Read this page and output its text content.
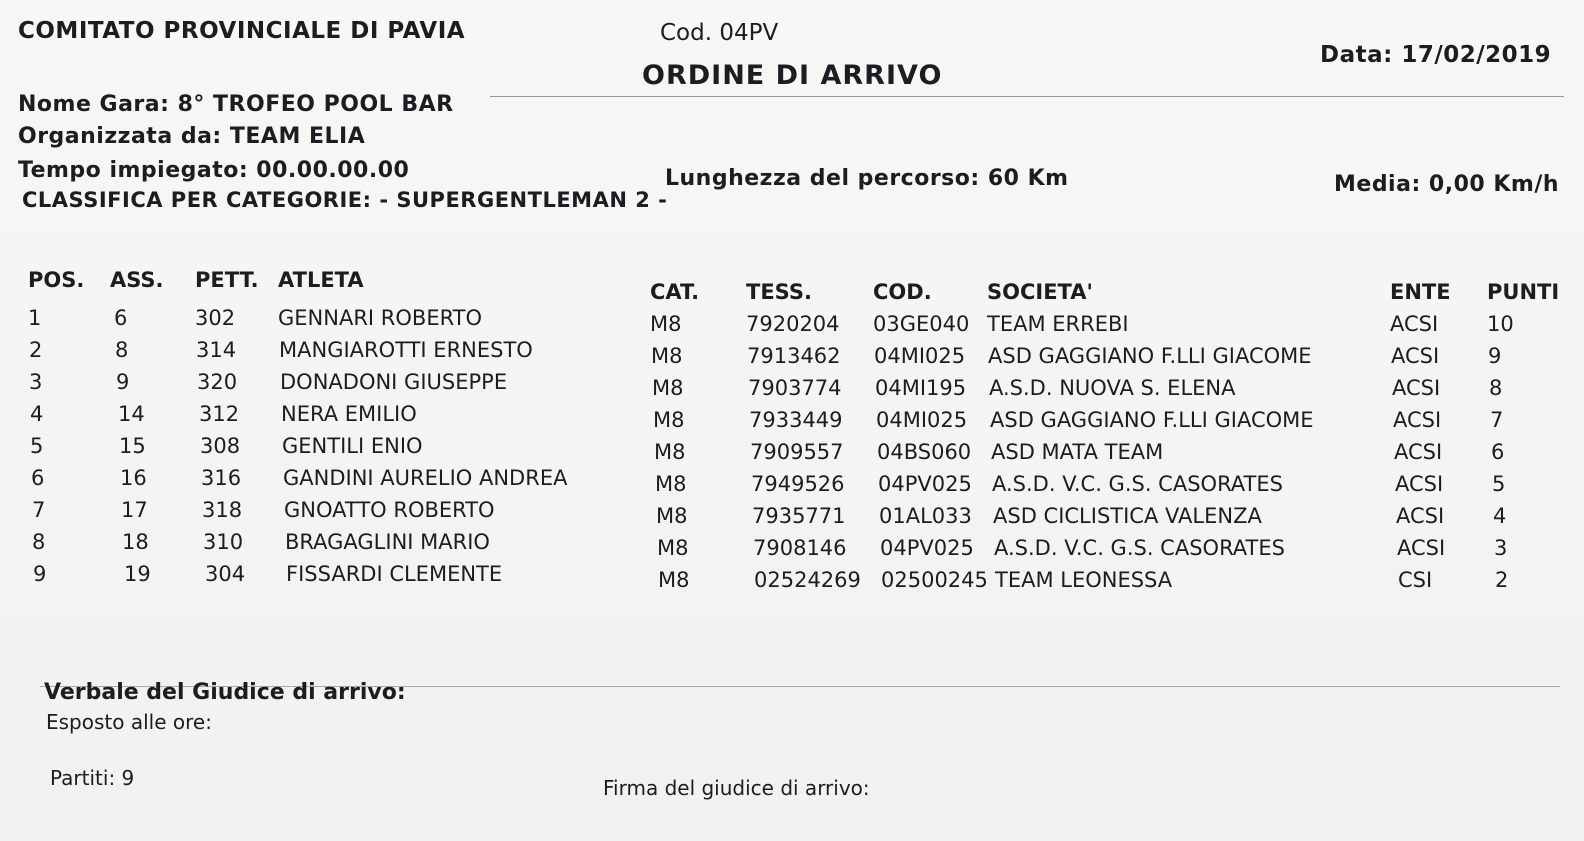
COMITATO PROVINCIALE DI PAVIA	Cod. 04PV
Data: 17/02/2019
ORDINE DI ARRIVO
Nome Gara: 8° TROFEO POOL BAR
Organizzata da: TEAM ELIA
Tempo impiegato: 00.00.00.00	Lunghezza del percorso: 60 Km	Media: 0,00 Km/h
CLASSIFICA PER CATEGORIE: - SUPERGENTLEMAN 2 -
POS. ASS. PETT. ATLETA	CAT. TESS.	COD.	SOCIETA'	ENTE PUNTI
1	6	302 GENNARI ROBERTO	M8	7920204 03GE040 TEAM ERREBI	ACSI 10
2	8	314 MANGIAROTTI ERNESTO	M8	7913462 04MI025 ASD GAGGIANO F.LLI GIACOME	ACSI 9
3	9	320 DONADONI GIUSEPPE	M8	7903774 04MI195 A.S.D. NUOVA S. ELENA	ACSI 8
4	14	312 NERA EMILIO	M8	7933449 04MI025 ASD GAGGIANO F.LLI GIACOME	ACSI 7
5	15	308 GENTILI ENIO	M8	7909557 04BS060 ASD MATA TEAM	ACSI 6
6	16	316 GANDINI AURELIO ANDREA	M8	7949526 04PV025 A.S.D. V.C. G.S. CASORATES	ACSI 5
7	17	318 GNOATTO ROBERTO	M8	7935771 01AL033 ASD CICLISTICA VALENZA	ACSI 4
8	18	310 BRAGAGLINI MARIO	M8	7908146 04PV025 A.S.D. V.C. G.S. CASORATES	ACSI 3
9	19	304 FISSARDI CLEMENTE	M8	02524269 02500245 TEAM LEONESSA	CSI	2
Verbale del Giudice di arrivo:
Esposto alle ore:
Partiti: 9	Firma del giudice di arrivo:
